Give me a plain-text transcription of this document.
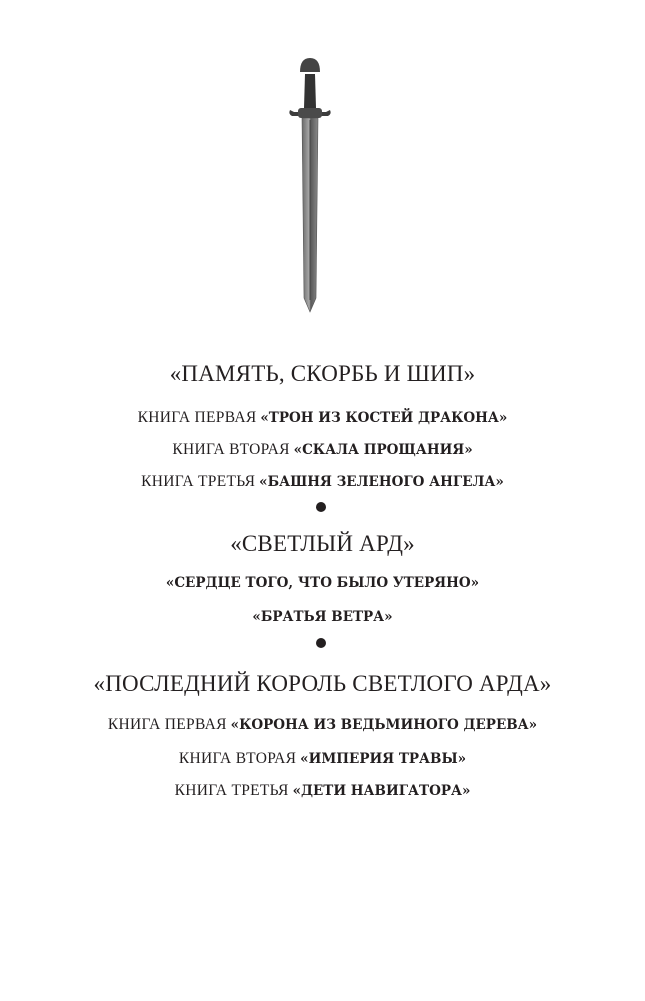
«ПАМЯТЬ, СКОРБЬ И ШИП»
КНИГА ПЕРВАЯ «ТРОН ИЗ КОСТЕЙ ДРАКОНА»
КНИГА ВТОРАЯ «СКАЛА ПРОЩАНИЯ»
КНИГА ТРЕТЬЯ «БАШНЯ ЗЕЛЕНОГО АНГЕЛА»
«СВЕТЛЫЙ АРД»
«СЕРДЦЕ ТОГО, ЧТО БЫЛО УТЕРЯНО»
«БРАТЬЯ ВЕТРА»
«ПОСЛЕДНИЙ КОРОЛЬ СВЕТЛОГО АРДА»
КНИГА ПЕРВАЯ «КОРОНА ИЗ ВЕДЬМИНОГО ДЕРЕВА»
КНИГА ВТОРАЯ «ИМПЕРИЯ ТРАВЫ»
КНИГА ТРЕТЬЯ «ДЕТИ НАВИГАТОРА»
